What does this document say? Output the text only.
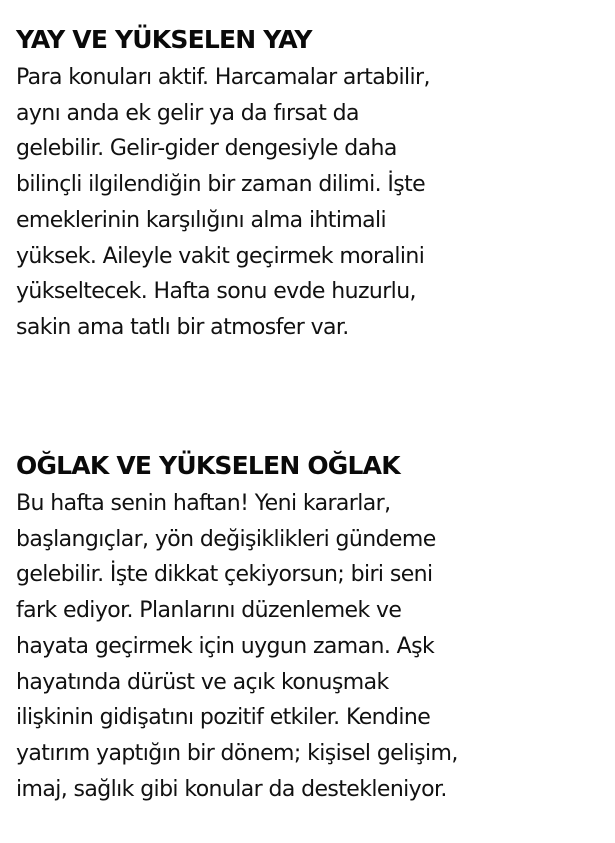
YAY VE YÜKSELEN YAY

Para konuları aktif. Harcamalar artabilir,
aynı anda ek gelir ya da fırsat da
gelebilir. Gelir-gider dengesiyle daha
bilinçli ilgilendiğin bir zaman dilimi. İşte
emeklerinin karşılığını alma ihtimali
yüksek. Aileyle vakit geçirmek moralini
yükseltecek. Hafta sonu evde huzurlu,
sakin ama tatlı bir atmosfer var.

OĞLAK VE YÜKSELEN OĞLAK

Bu hafta senin haftan! Yeni kararlar,
başlangıçlar, yön değişiklikleri gündeme
gelebilir. İşte dikkat çekiyorsun; biri seni
fark ediyor. Planlarını düzenlemek ve
hayata geçirmek için uygun zaman. Aşk
hayatında dürüst ve açık konuşmak
ilişkinin gidişatını pozitif etkiler. Kendine
yatırım yaptığın bir dönem; kişisel gelişim,
imaj, sağlık gibi konular da destekleniyor.
